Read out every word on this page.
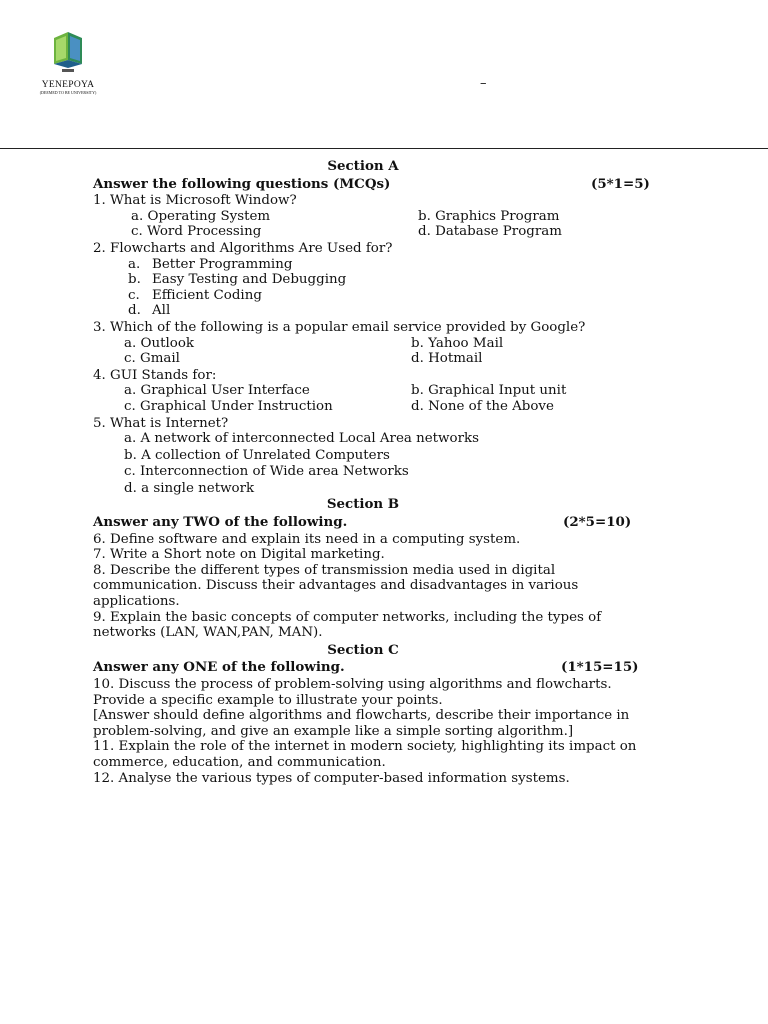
YENEPOYA
(DEEMED TO BE UNIVERSITY)
–
Section A
Answer the following questions (MCQs)	(5*1=5)
1. What is Microsoft Window?
a. Operating System	b. Graphics Program
c. Word Processing	d. Database Program
2. Flowcharts and Algorithms Are Used for?
a. Better Programming
b. Easy Testing and Debugging
c. Efficient Coding
d. All
3. Which of the following is a popular email service provided by Google?
a. Outlook	b. Yahoo Mail
c. Gmail	d. Hotmail
4. GUI Stands for:
a. Graphical User Interface	b. Graphical Input unit
c. Graphical Under Instruction	d. None of the Above
5. What is Internet?
a. A network of interconnected Local Area networks
b. A collection of Unrelated Computers
c. Interconnection of Wide area Networks
d. a single network
Section B
Answer any TWO of the following.	(2*5=10)
6. Define software and explain its need in a computing system.
7. Write a Short note on Digital marketing.
8. Describe the different types of transmission media used in digital communication. Discuss their advantages and disadvantages in various applications.
9. Explain the basic concepts of computer networks, including the types of networks (LAN, WAN,PAN, MAN).
Section C
Answer any ONE of the following.	(1*15=15)
10. Discuss the process of problem-solving using algorithms and flowcharts. Provide a specific example to illustrate your points.
[Answer should define algorithms and flowcharts, describe their importance in problem-solving, and give an example like a simple sorting algorithm.]
11. Explain the role of the internet in modern society, highlighting its impact on commerce, education, and communication.
12. Analyse the various types of computer-based information systems.
